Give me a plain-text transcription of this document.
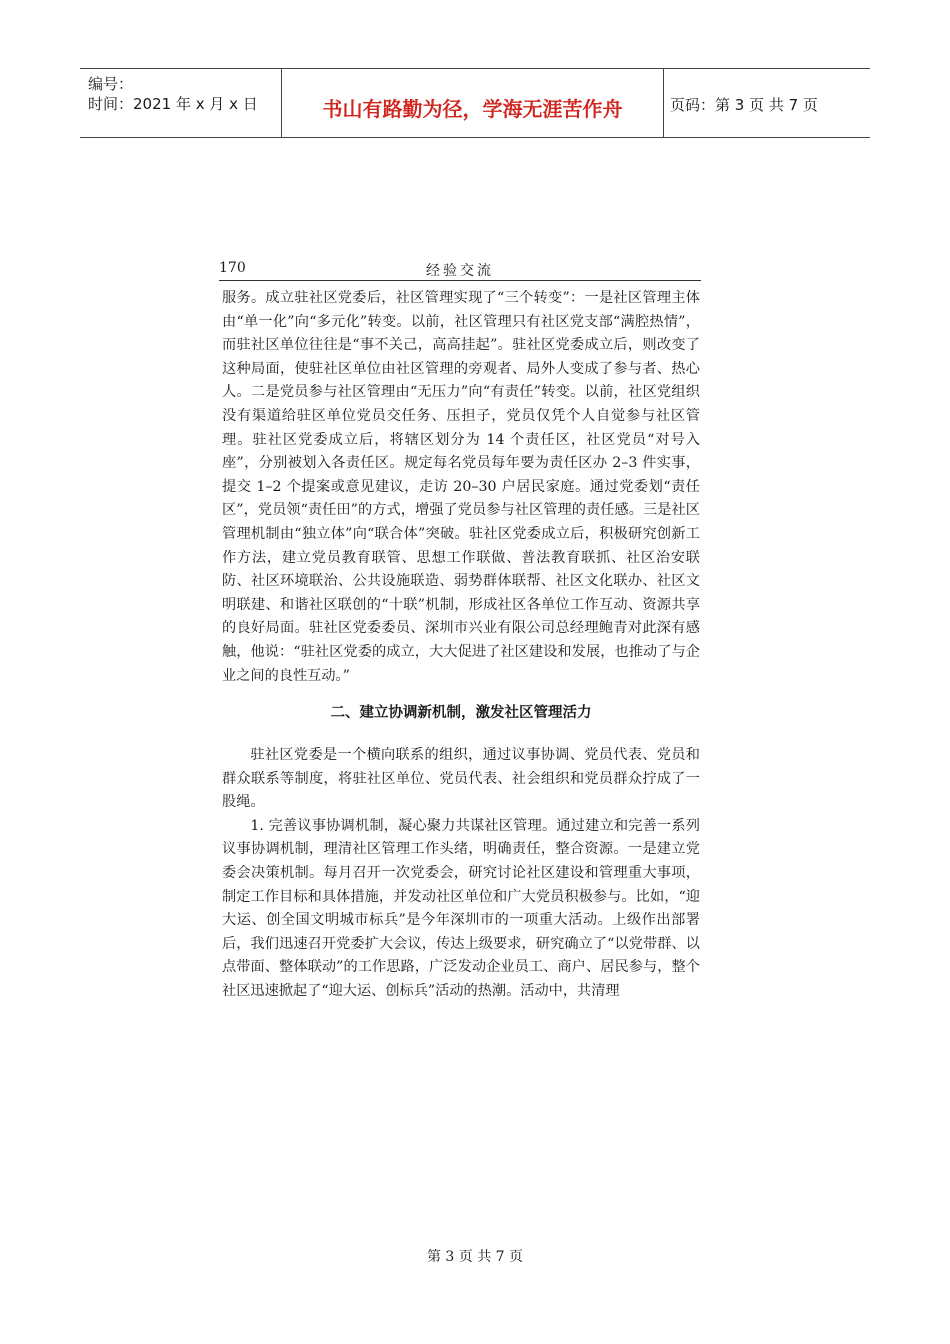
编号：
时间：2021 年 x 月 x 日	书山有路勤为径，学海无涯苦作舟	页码：第 3 页 共 7 页
170	经验交流

服务。成立驻社区党委后，社区管理实现了“三个转变”：一是社区管理主体由“单一化”向“多元化”转变。以前，社区管理只有社区党支部“满腔热情”，而驻社区单位往往是“事不关己，高高挂起”。驻社区党委成立后，则改变了这种局面，使驻社区单位由社区管理的旁观者、局外人变成了参与者、热心人。二是党员参与社区管理由“无压力”向“有责任”转变。以前，社区党组织没有渠道给驻区单位党员交任务、压担子，党员仅凭个人自觉参与社区管理。驻社区党委成立后，将辖区划分为 14 个责任区，社区党员“对号入座”，分别被划入各责任区。规定每名党员每年要为责任区办 2–3 件实事，提交 1–2 个提案或意见建议，走访 20–30 户居民家庭。通过党委划“责任区”，党员领“责任田”的方式，增强了党员参与社区管理的责任感。三是社区管理机制由“独立体”向“联合体”突破。驻社区党委成立后，积极研究创新工作方法，建立党员教育联管、思想工作联做、普法教育联抓、社区治安联防、社区环境联治、公共设施联造、弱势群体联帮、社区文化联办、社区文明联建、和谐社区联创的“十联”机制，形成社区各单位工作互动、资源共享的良好局面。驻社区党委委员、深圳市兴业有限公司总经理鲍青对此深有感触，他说：“驻社区党委的成立，大大促进了社区建设和发展，也推动了与企业之间的良性互动。”

二、建立协调新机制，激发社区管理活力

驻社区党委是一个横向联系的组织，通过议事协调、党员代表、党员和群众联系等制度，将驻社区单位、党员代表、社会组织和党员群众拧成了一股绳。

1. 完善议事协调机制，凝心聚力共谋社区管理。通过建立和完善一系列议事协调机制，理清社区管理工作头绪，明确责任，整合资源。一是建立党委会决策机制。每月召开一次党委会，研究讨论社区建设和管理重大事项，制定工作目标和具体措施，并发动社区单位和广大党员积极参与。比如，“迎大运、创全国文明城市标兵”是今年深圳市的一项重大活动。上级作出部署后，我们迅速召开党委扩大会议，传达上级要求，研究确立了“以党带群、以点带面、整体联动”的工作思路，广泛发动企业员工、商户、居民参与，整个社区迅速掀起了“迎大运、创标兵”活动的热潮。活动中，共清理

第 3 页 共 7 页
